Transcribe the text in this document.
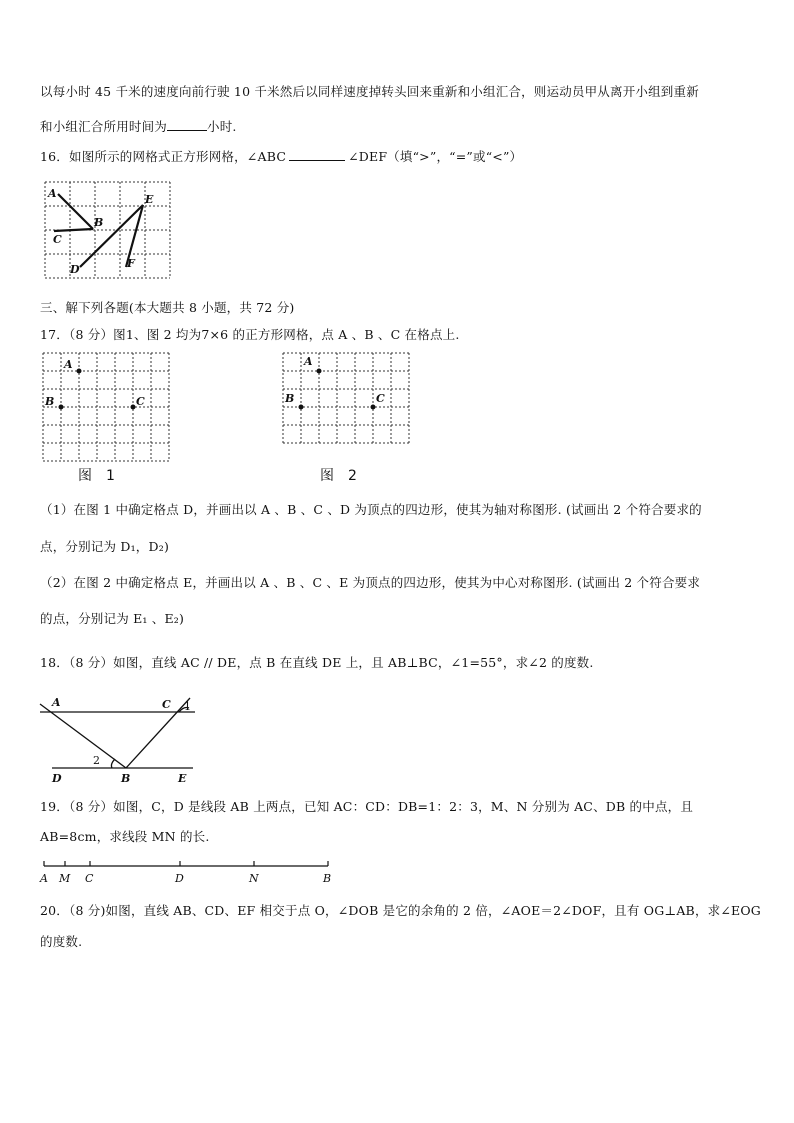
以每小时 45 千米的速度向前行驶 10 千米然后以同样速度掉转头回来重新和小组汇合，则运动员甲从离开小组到重新
和小组汇合所用时间为	小时.
16．如图所示的网格式正方形网格，∠ABC	∠DEF（填“>”，“=”或“<”）
A
B
C
D
E
F
三、解下列各题(本大题共 8 小题，共 72 分)
17．（8 分）图1、图 2 均为7×6 的正方形网格，点 A 、B 、C 在格点上.
A
B	C
图　1
A
B	C
图　2
（1）在图 1 中确定格点 D，并画出以 A 、B 、C 、D 为顶点的四边形，使其为轴对称图形. (试画出 2 个符合要求的
点，分别记为 D₁，D₂)
（2）在图 2 中确定格点 E，并画出以 A 、B 、C 、E 为顶点的四边形，使其为中心对称图形. (试画出 2 个符合要求
的点，分别记为 E₁ 、E₂)
18．（8 分）如图，直线 AC // DE，点 B 在直线 DE 上，且 AB⊥BC，∠1=55°，求∠2 的度数.
A	C 1
2
D	B	E
19．（8 分）如图，C，D 是线段 AB 上两点，已知 AC：CD：DB=1：2：3，M、N 分别为 AC、DB 的中点，且
AB=8cm，求线段 MN 的长.
A M C	D	N	B
20．（8 分)如图，直线 AB、CD、EF 相交于点 O，∠DOB 是它的余角的 2 倍，∠AOE＝2∠DOF，且有 OG⊥AB，求∠EOG
的度数.
